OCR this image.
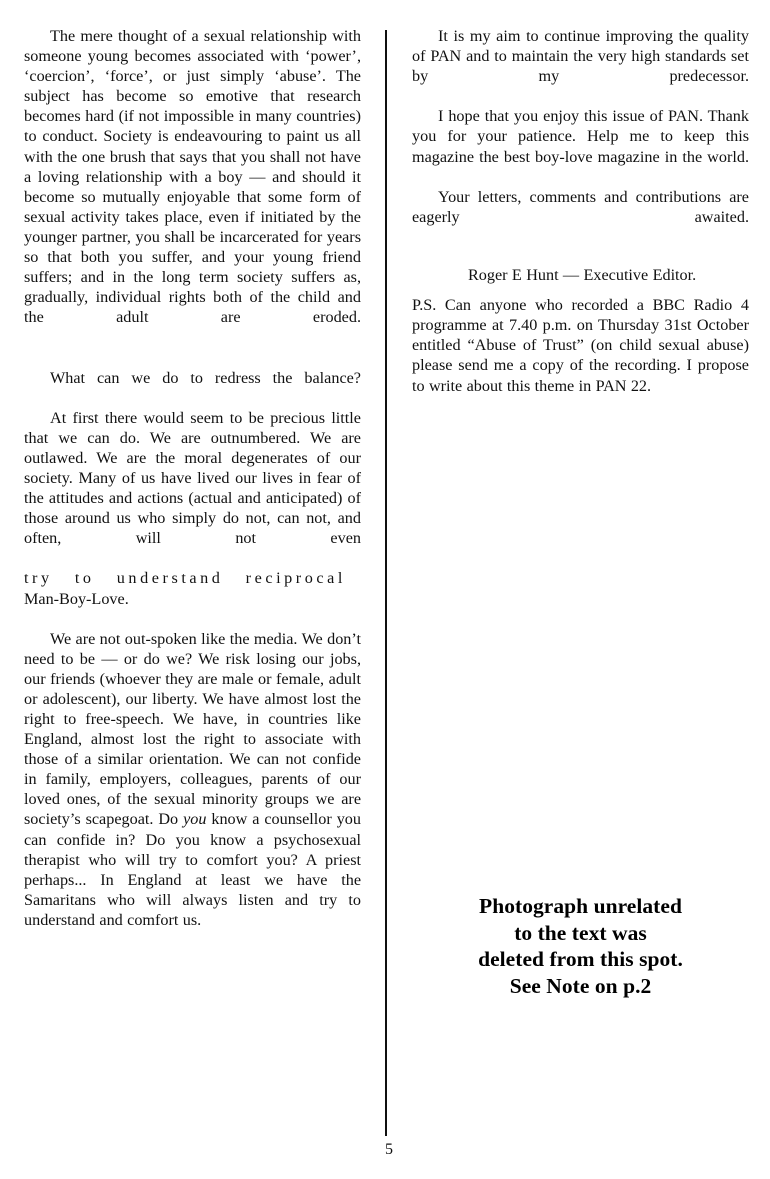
The mere thought of a sexual relationship with someone young becomes associated with ‘power’, ‘coercion’, ‘force’, or just simply ‘abuse’. The subject has become so emotive that research becomes hard (if not impossible in many countries) to conduct. Society is endeavouring to paint us all with the one brush that says that you shall not have a loving relationship with a boy — and should it become so mutually enjoyable that some form of sexual activity takes place, even if initiated by the younger partner, you shall be incarcerated for years so that both you suffer, and your young friend suffers; and in the long term society suffers as, gradually, individual rights both of the child and the adult are eroded.

What can we do to redress the balance?

At first there would seem to be precious little that we can do. We are outnumbered. We are outlawed. We are the moral degenerates of our society. Many of us have lived our lives in fear of the attitudes and actions (actual and anticipated) of those around us who simply do not, can not, and often, will not even

try to understand reciprocal

Man-Boy-Love.

We are not out-spoken like the media. We don’t need to be — or do we? We risk losing our jobs, our friends (whoever they are male or female, adult or adolescent), our liberty. We have almost lost the right to free-speech. We have, in countries like England, almost lost the right to associate with those of a similar orientation. We can not confide in family, employers, colleagues, parents of our loved ones, of the sexual minority groups we are society’s scapegoat. Do you know a counsellor you can confide in? Do you know a psychosexual therapist who will try to comfort you? A priest perhaps... In England at least we have the Samaritans who will always listen and try to understand and comfort us.

It is my aim to continue improving the quality of PAN and to maintain the very high standards set by my predecessor.

I hope that you enjoy this issue of PAN. Thank you for your patience. Help me to keep this magazine the best boy-love magazine in the world.

Your letters, comments and contributions are eagerly awaited.

Roger E Hunt — Executive Editor.

P.S. Can anyone who recorded a BBC Radio 4 programme at 7.40 p.m. on Thursday 31st October entitled “Abuse of Trust” (on child sexual abuse) please send me a copy of the recording. I propose to write about this theme in PAN 22.

Photograph unrelated
to the text was
deleted from this spot.
See Note on p.2
5
